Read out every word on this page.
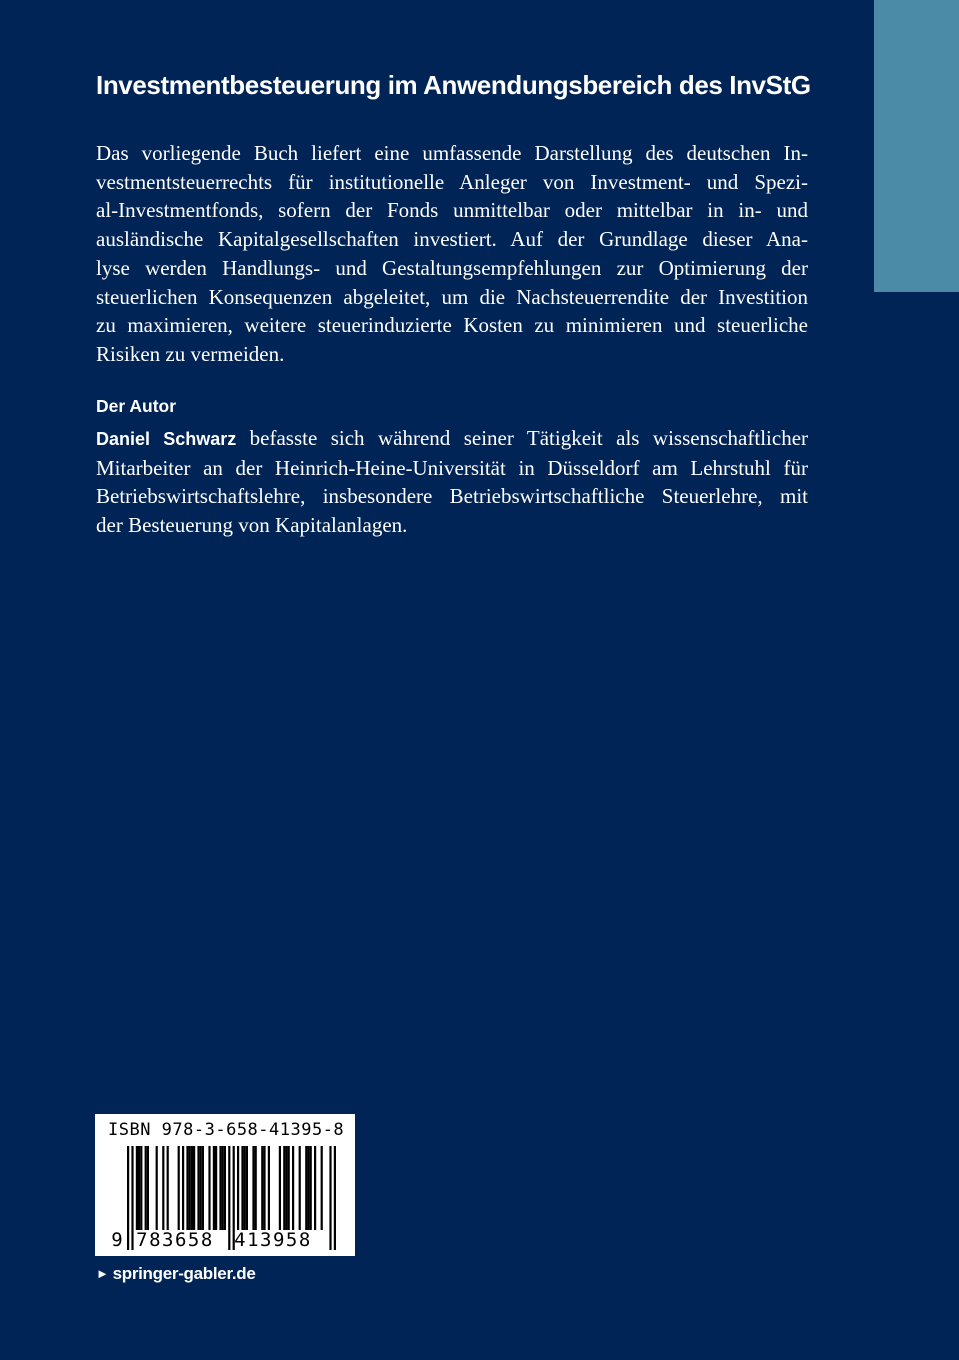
Investmentbesteuerung im Anwendungsbereich des InvStG

Das vorliegende Buch liefert eine umfassende Darstellung des deutschen In-
vestmentsteuerrechts für institutionelle Anleger von Investment- und Spezi-
al-Investmentfonds, sofern der Fonds unmittelbar oder mittelbar in in- und
ausländische Kapitalgesellschaften investiert. Auf der Grundlage dieser Ana-
lyse werden Handlungs- und Gestaltungsempfehlungen zur Optimierung der
steuerlichen Konsequenzen abgeleitet, um die Nachsteuerrendite der Investition
zu maximieren, weitere steuerinduzierte Kosten zu minimieren und steuerliche
Risiken zu vermeiden.

Der Autor

Daniel Schwarz befasste sich während seiner Tätigkeit als wissenschaftlicher
Mitarbeiter an der Heinrich-Heine-Universität in Düsseldorf am Lehrstuhl für
Betriebswirtschaftslehre, insbesondere Betriebswirtschaftliche Steuerlehre, mit
der Besteuerung von Kapitalanlagen.

ISBN 978-3-658-41395-8
9 783658 413958
► springer-gabler.de
